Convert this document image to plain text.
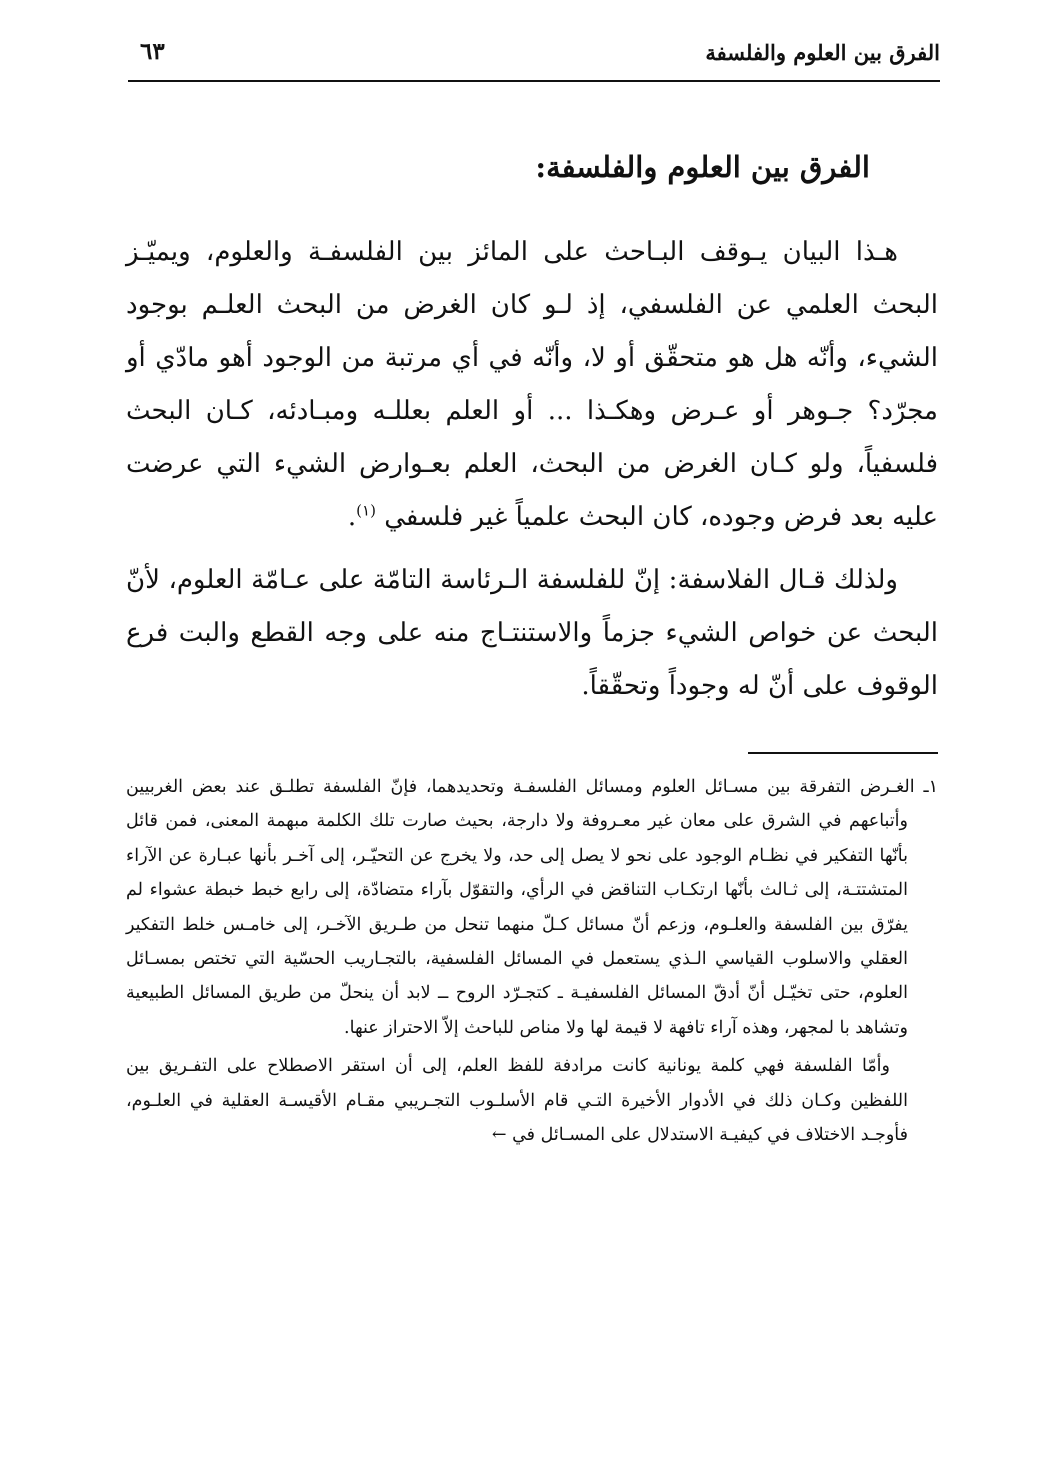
الفرق بين العلوم والفلسفة
٦٣
الفرق بين العلوم والفلسفة:

هـذا البيان يـوقف البـاحث على المائز بين الفلسفـة والعلوم، ويميّـز البحث العلمي عن الفلسفي، إذ لـو كان الغرض من البحث العلـم بوجود الشيء، وأنّه هل هو متحقّق أو لا، وأنّه في أي مرتبة من الوجود أهو مادّي أو مجرّد؟ جـوهر أو عـرض وهكـذا ... أو العلم بعللـه ومبـادئه، كـان البحث فلسفياً، ولو كـان الغرض من البحث، العلم بعـوارض الشيء التي عرضت عليه بعد فرض وجوده، كان البحث علمياً غير فلسفي $^{(١)}$.

ولذلك قـال الفلاسفة: إنّ للفلسفة الـرئاسة التامّة على عـامّة العلوم، لأنّ البحث عن خواص الشيء جزماً والاستنتـاج منه على وجه القطع والبت فرع الوقوف على أنّ له وجوداً وتحقّقاً.

١ـ الغـرض التفرقة بين مسـائل العلوم ومسائل الفلسفـة وتحديدهما، فإنّ الفلسفة تطلـق عند بعض الغربيين وأتباعهم في الشرق على معان غير معـروفة ولا دارجة، بحيث صارت تلك الكلمة مبهمة المعنى، فمن قائل بأنّها التفكير في نظـام الوجود على نحو لا يصل إلى حد، ولا يخرج عن التحيّـر، إلى آخـر بأنها عبـارة عن الآراء المتشتتـة، إلى ثـالث بأنّها ارتكـاب التناقض في الرأي، والتقوّل بآراء متضادّة، إلى رابع خبط خبطة عشواء لم يفرّق بين الفلسفة والعلـوم، وزعم أنّ مسائل كـلّ منهما تنحل من طـريق الآخـر، إلى خامـس خلط التفكير العقلي والاسلوب القياسي الـذي يستعمل في المسائل الفلسفية، بالتجـاريب الحسّية التي تختص بمسـائل العلوم، حتى تخيّـل أنّ أدقّ المسائل الفلسفيـة ـ كتجـرّد الروح ــ لابد أن ينحلّ من طريق المسائل الطبيعية وتشاهد با لمجهر، وهذه آراء تافهة لا قيمة لها ولا مناص للباحث إلاّ الاحتراز عنها.

وأمّا الفلسفة فهي كلمة يونانية كانت مرادفة للفظ العلم، إلى أن استقر الاصطلاح على التفـريق بين اللفظين وكـان ذلك في الأدوار الأخيرة التـي قام الأسلـوب التجـريبي مقـام الأقيسـة العقلية في العلـوم، فأوجـد الاختلاف في كيفيـة الاستدلال على المسـائل في ←
